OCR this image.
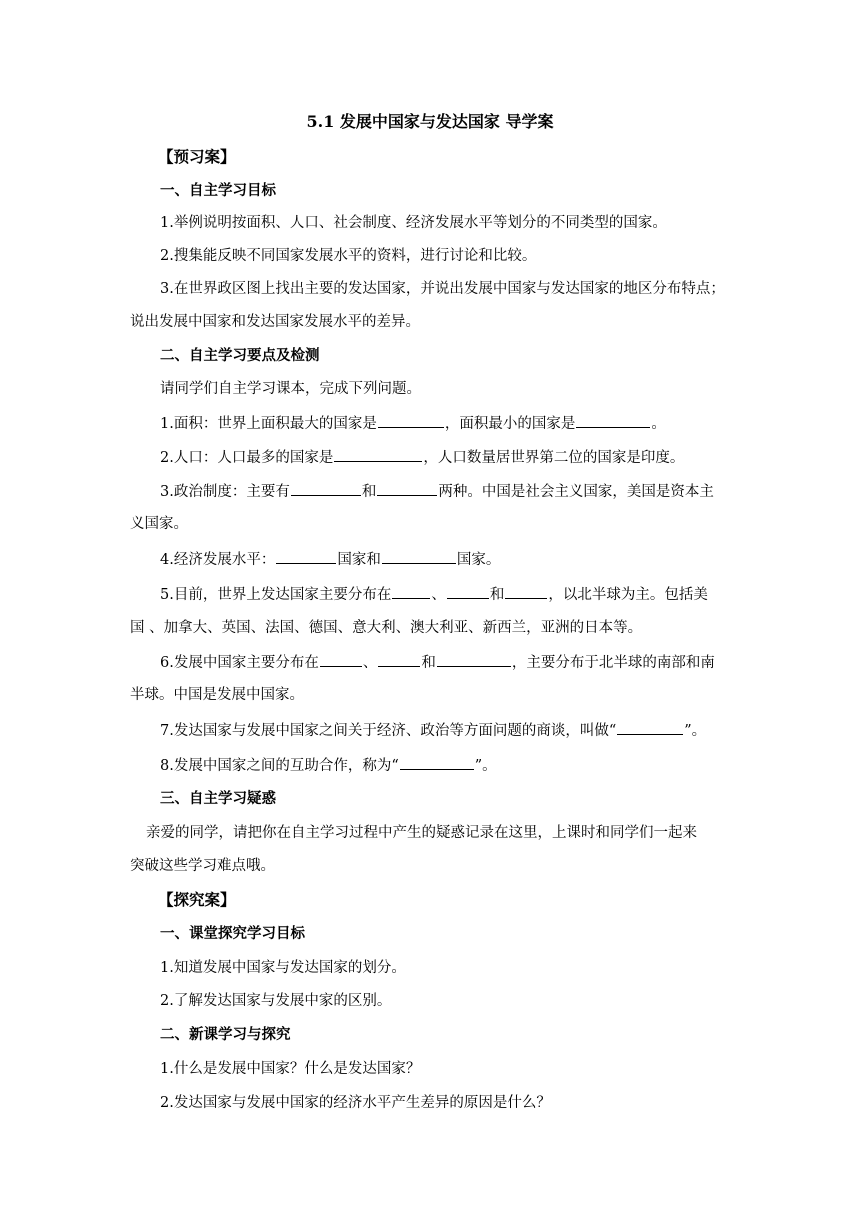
5.1 发展中国家与发达国家 导学案
【预习案】
一、自主学习目标
1.举例说明按面积、人口、社会制度、经济发展水平等划分的不同类型的国家。
2.搜集能反映不同国家发展水平的资料，进行讨论和比较。
3.在世界政区图上找出主要的发达国家，并说出发展中国家与发达国家的地区分布特点；
说出发展中国家和发达国家发展水平的差异。
二、自主学习要点及检测
请同学们自主学习课本，完成下列问题。
1.面积：世界上面积最大的国家是	，面积最小的国家是	。
2.人口：人口最多的国家是	，人口数量居世界第二位的国家是印度。
3.政治制度：主要有	和	两种。中国是社会主义国家，美国是资本主
义国家。
4.经济发展水平：	国家和	国家。
5.目前，世界上发达国家主要分布在	、	和	，以北半球为主。包括美
国 、加拿大、英国、法国、德国、意大利、澳大利亚、新西兰，亚洲的日本等。
6.发展中国家主要分布在	、	和	，主要分布于北半球的南部和南
半球。中国是发展中国家。
7.发达国家与发展中国家之间关于经济、政治等方面问题的商谈，叫做“	”。
8.发展中国家之间的互助合作，称为“	”。
三、自主学习疑惑
亲爱的同学，请把你在自主学习过程中产生的疑惑记录在这里，上课时和同学们一起来
突破这些学习难点哦。
【探究案】
一、课堂探究学习目标
1.知道发展中国家与发达国家的划分。
2.了解发达国家与发展中家的区别。
二、新课学习与探究
1.什么是发展中国家？什么是发达国家？
2.发达国家与发展中国家的经济水平产生差异的原因是什么？
